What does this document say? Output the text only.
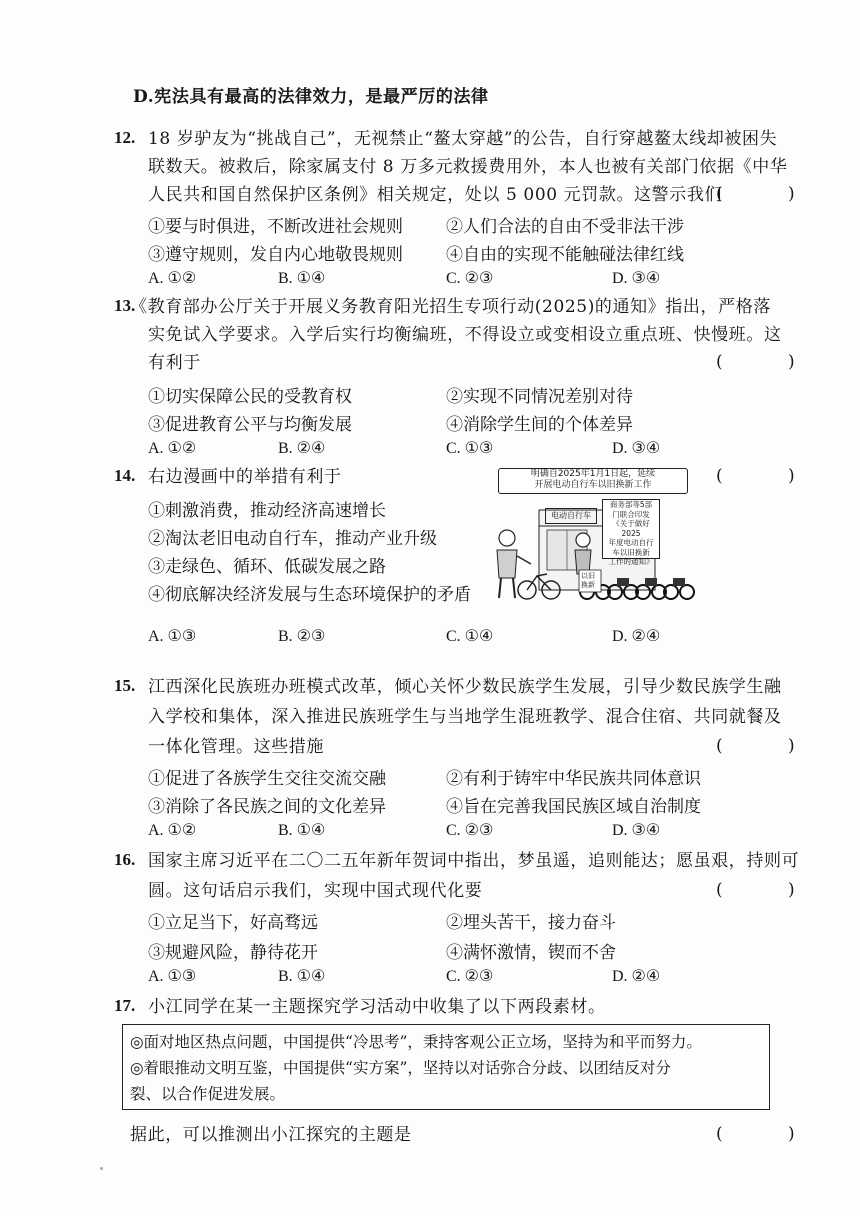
D.宪法具有最高的法律效力，是最严厉的法律
12. 18 岁驴友为“挑战自己”，无视禁止“鳌太穿越”的公告，自行穿越鳌太线却被困失
联数天。被救后，除家属支付 8 万多元救援费用外，本人也被有关部门依据《中华
人民共和国自然保护区条例》相关规定，处以 5 000 元罚款。这警示我们
( )
①要与时俱进，不断改进社会规则	②人们合法的自由不受非法干涉
③遵守规则，发自内心地敬畏规则	④自由的实现不能触碰法律红线
A. ①②	B. ①④	C. ②③	D. ③④
13.
《教育部办公厅关于开展义务教育阳光招生专项行动(2025)的通知》指出，严格落
实免试入学要求。入学后实行均衡编班，不得设立或变相设立重点班、快慢班。这
有利于	( )
①切实保障公民的受教育权	②实现不同情况差别对待
③促进教育公平与均衡发展	④消除学生间的个体差异
A. ①②	B. ②④	C. ①③	D. ③④
14. 右边漫画中的举措有利于	( )
①刺激消费，推动经济高速增长
②淘汰老旧电动自行车，推动产业升级
③走绿色、循环、低碳发展之路
④彻底解决经济发展与生态环境保护的矛盾
A. ①③	B. ②③	C. ①④	D. ②④
明确自2025年1月1日起，延续
开展电动自行车以旧换新工作
电动自行车
商务部等5部
门联合印发
《关于做好2025
年度电动自行
车以旧换新
工作的通知》
以旧换新
15. 江西深化民族班办班模式改革，倾心关怀少数民族学生发展，引导少数民族学生融
入学校和集体，深入推进民族班学生与当地学生混班教学、混合住宿、共同就餐及
一体化管理。这些措施	( )
①促进了各族学生交往交流交融	②有利于铸牢中华民族共同体意识
③消除了各民族之间的文化差异	④旨在完善我国民族区域自治制度
A. ①②	B. ①④	C. ②③	D. ③④
16. 国家主席习近平在二〇二五年新年贺词中指出，梦虽遥，追则能达；愿虽艰，持则可
圆。这句话启示我们，实现中国式现代化要	( )
①立足当下，好高骛远	②埋头苦干，接力奋斗
③规避风险，静待花开	④满怀激情，锲而不舍
A. ①③	B. ①④	C. ②③	D. ②④
17. 小江同学在某一主题探究学习活动中收集了以下两段素材。
◎面对地区热点问题，中国提供“冷思考”，秉持客观公正立场，坚持为和平而努力。
◎着眼推动文明互鉴，中国提供“实方案”，坚持以对话弥合分歧、以团结反对分
裂、以合作促进发展。
据此，可以推测出小江探究的主题是	( )
